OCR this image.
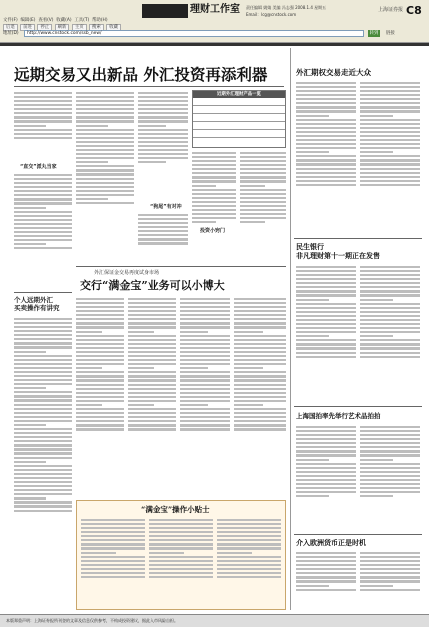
理财工作室 责任编辑 姚婧 美编 冯志强 2008.1.4 星期五
Email：lcg@cnstock.com
上海证券报 C8
文件(F) 编辑(E) 查看(V) 收藏(A) 工具(T) 帮助(H)
后退 前进 停止 刷新 主页 搜索 收藏
地址(D)	http://www.cnstock.com/ssb_new/	转到	链接
远期交易又出新品 外汇投资再添利器
“直交”派丸当家
个人远期外汇
买卖操作有讲究
“狗尾”有对冲
近期外汇理财产品一览
投资小窍门
外汇保证金交易再度试身市场
交行“满金宝”业务可以小博大
“满金宝”操作小贴士
外汇期权交易走近大众
民生银行
非凡理财第十一期正在发售
上海国拍率先举行艺术品拍拍
介入欧洲货币正是时机
本版郑重声明：上海证券报所刊登的文章及信息仅供参考，不构成投资建议，据此入市风险自担。
